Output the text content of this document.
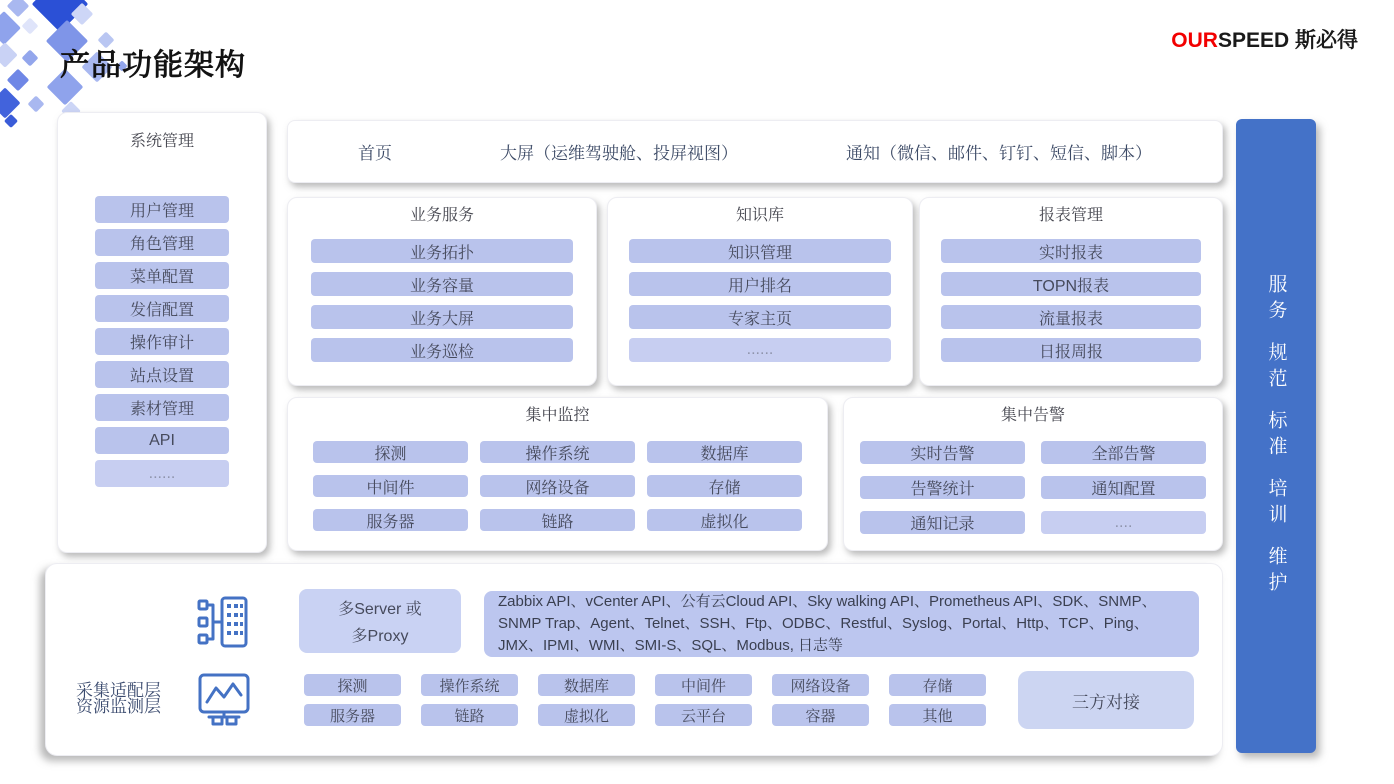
产品功能架构
OURSPEED 斯必得
系统管理
用户管理
角色管理
菜单配置
发信配置
操作审计
站点设置
素材管理
API
......
首页	大屏（运维驾驶舱、投屏视图）	通知（微信、邮件、钉钉、短信、脚本）
业务服务
业务拓扑
业务容量
业务大屏
业务巡检
知识库
知识管理
用户排名
专家主页
......
报表管理
实时报表
TOPN报表
流量报表
日报周报
集中监控
探测	操作系统	数据库
中间件	网络设备	存储
服务器	链路	虚拟化
集中告警
实时告警	全部告警
告警统计	通知配置
通知记录	....
采集适配层
多Server 或
多Proxy
Zabbix API、vCenter API、公有云Cloud API、Sky walking API、Prometheus API、SDK、SNMP、SNMP Trap、Agent、Telnet、SSH、Ftp、ODBC、Restful、Syslog、Portal、Http、TCP、Ping、JMX、IPMI、WMI、SMI-S、SQL、Modbus, 日志等
资源监测层
探测	操作系统	数据库	中间件	网络设备	存储
服务器	链路	虚拟化	云平台	容器	其他
三方对接
服务
规范
标准
培训
维护
